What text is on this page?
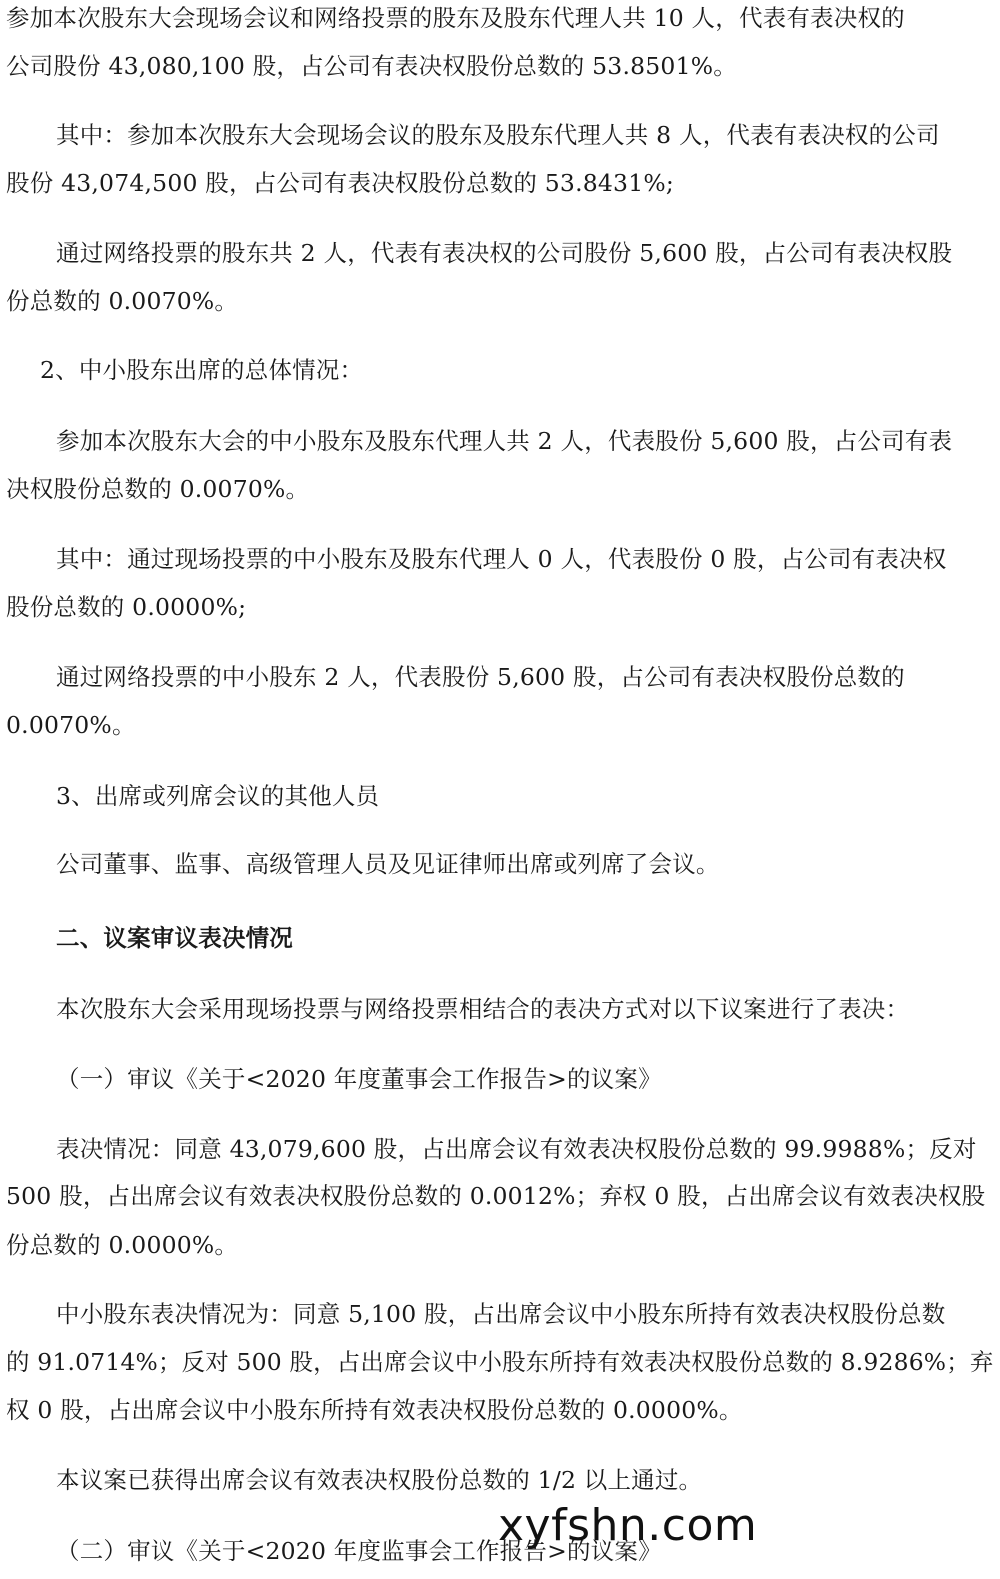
参加本次股东大会现场会议和网络投票的股东及股东代理人共 10 人，代表有表决权的
公司股份 43,080,100 股，占公司有表决权股份总数的 53.8501%。
其中：参加本次股东大会现场会议的股东及股东代理人共 8 人，代表有表决权的公司
股份 43,074,500 股，占公司有表决权股份总数的 53.8431%;
通过网络投票的股东共 2 人，代表有表决权的公司股份 5,600 股，占公司有表决权股
份总数的 0.0070%。
2、中小股东出席的总体情况：
参加本次股东大会的中小股东及股东代理人共 2 人，代表股份 5,600 股，占公司有表
决权股份总数的 0.0070%。
其中：通过现场投票的中小股东及股东代理人 0 人，代表股份 0 股，占公司有表决权
股份总数的 0.0000%;
通过网络投票的中小股东 2 人，代表股份 5,600 股，占公司有表决权股份总数的
0.0070%。
3、出席或列席会议的其他人员
公司董事、监事、高级管理人员及见证律师出席或列席了会议。
二、议案审议表决情况
本次股东大会采用现场投票与网络投票相结合的表决方式对以下议案进行了表决：
（一）审议《关于<2020 年度董事会工作报告>的议案》
表决情况：同意 43,079,600 股，占出席会议有效表决权股份总数的 99.9988%；反对
500 股，占出席会议有效表决权股份总数的 0.0012%；弃权 0 股，占出席会议有效表决权股
份总数的 0.0000%。
中小股东表决情况为：同意 5,100 股，占出席会议中小股东所持有效表决权股份总数
的 91.0714%；反对 500 股，占出席会议中小股东所持有效表决权股份总数的 8.9286%；弃
权 0 股，占出席会议中小股东所持有效表决权股份总数的 0.0000%。
本议案已获得出席会议有效表决权股份总数的 1/2 以上通过。
（二）审议《关于<2020 年度监事会工作报告>的议案》
xyfshn.com
